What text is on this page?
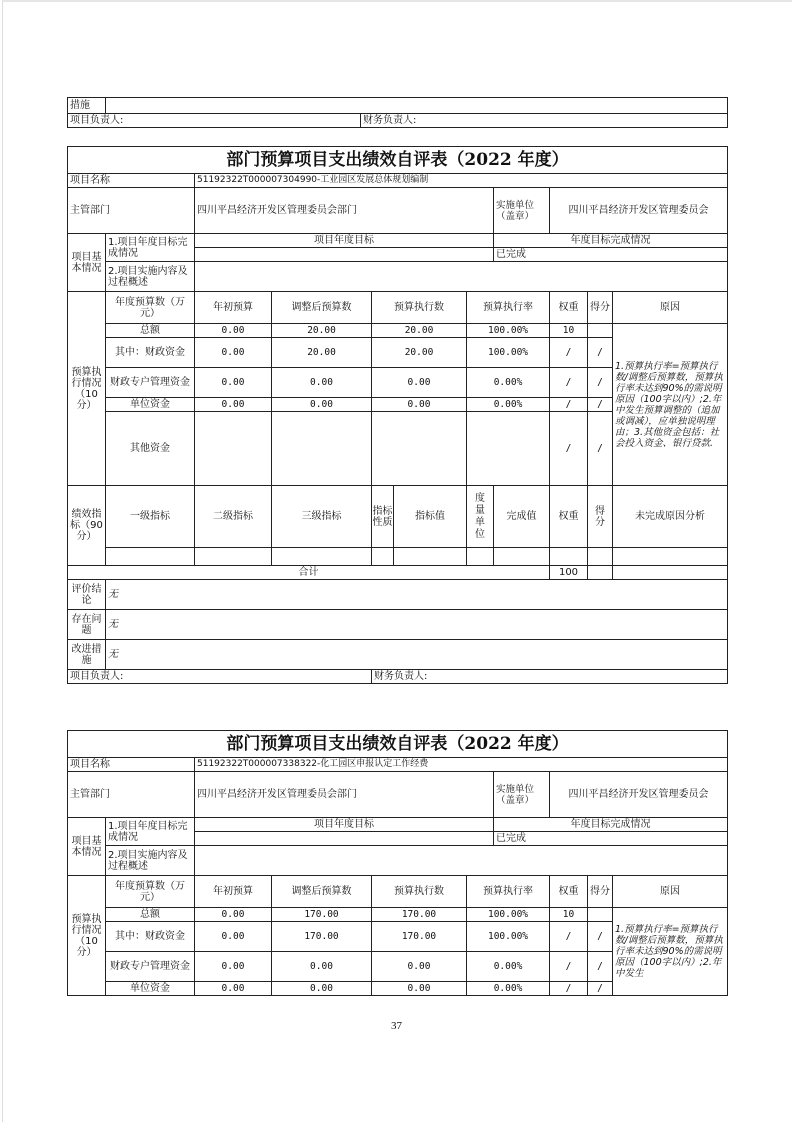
措施		
项目负责人:		财务负责人:
部门预算项目支出绩效自评表（2022 年度）										
项目名称		51192322T000007304990-工业园区发展总体规划编制								
主管部门		四川平昌经济开发区管理委员会部门					实施单位（盖章）	四川平昌经济开发区管理委员会		
项目基本情况	1.项目年度目标完成情况	项目年度目标					年度目标完成情况			
							已完成			
	2.项目实施内容及过程概述									
预算执行情况（10分）	年度预算数（万元）	年初预算	调整后预算数	预算执行数		预算执行率		权重	得分	原因
	总额	0.00	20.00	20.00		100.00%		10		1.预算执行率=预算执行数/调整后预算数，预算执行率未达到90%的需说明原因（100字以内）;2.年中发生预算调整的（追加或调减），应单独说明理由；3.其他资金包括：社会投入资金、银行贷款.
	其中：财政资金	0.00	20.00	20.00		100.00%		/	/	
	财政专户管理资金	0.00	0.00	0.00		0.00%		/	/	
	单位资金	0.00	0.00	0.00		0.00%		/	/	
	其他资金							/	/	
绩效指标（90分）	一级指标	二级指标	三级指标	指标性质	指标值	度量单位	完成值	权重	得分	未完成原因分析

合计								100		
评价结论	无									
存在问题	无									
改进措施	无									
项目负责人:				财务负责人:						
部门预算项目支出绩效自评表（2022 年度）									
项目名称		51192322T000007338322-化工园区申报认定工作经费							
主管部门		四川平昌经济开发区管理委员会部门				实施单位（盖章）	四川平昌经济开发区管理委员会		
项目基本情况	1.项目年度目标完成情况	项目年度目标				年度目标完成情况			
						已完成			
	2.项目实施内容及过程概述								
预算执行情况（10分）	年度预算数（万元）	年初预算	调整后预算数	预算执行数	预算执行率		权重	得分	原因
	总额	0.00	170.00	170.00	100.00%		10		1.预算执行率=预算执行数/调整后预算数，预算执行率未达到90%的需说明原因（100字以内）;2.年中发生
	其中：财政资金	0.00	170.00	170.00	100.00%		/	/	
	财政专户管理资金	0.00	0.00	0.00	0.00%		/	/	
	单位资金	0.00	0.00	0.00	0.00%		/	/	
37
